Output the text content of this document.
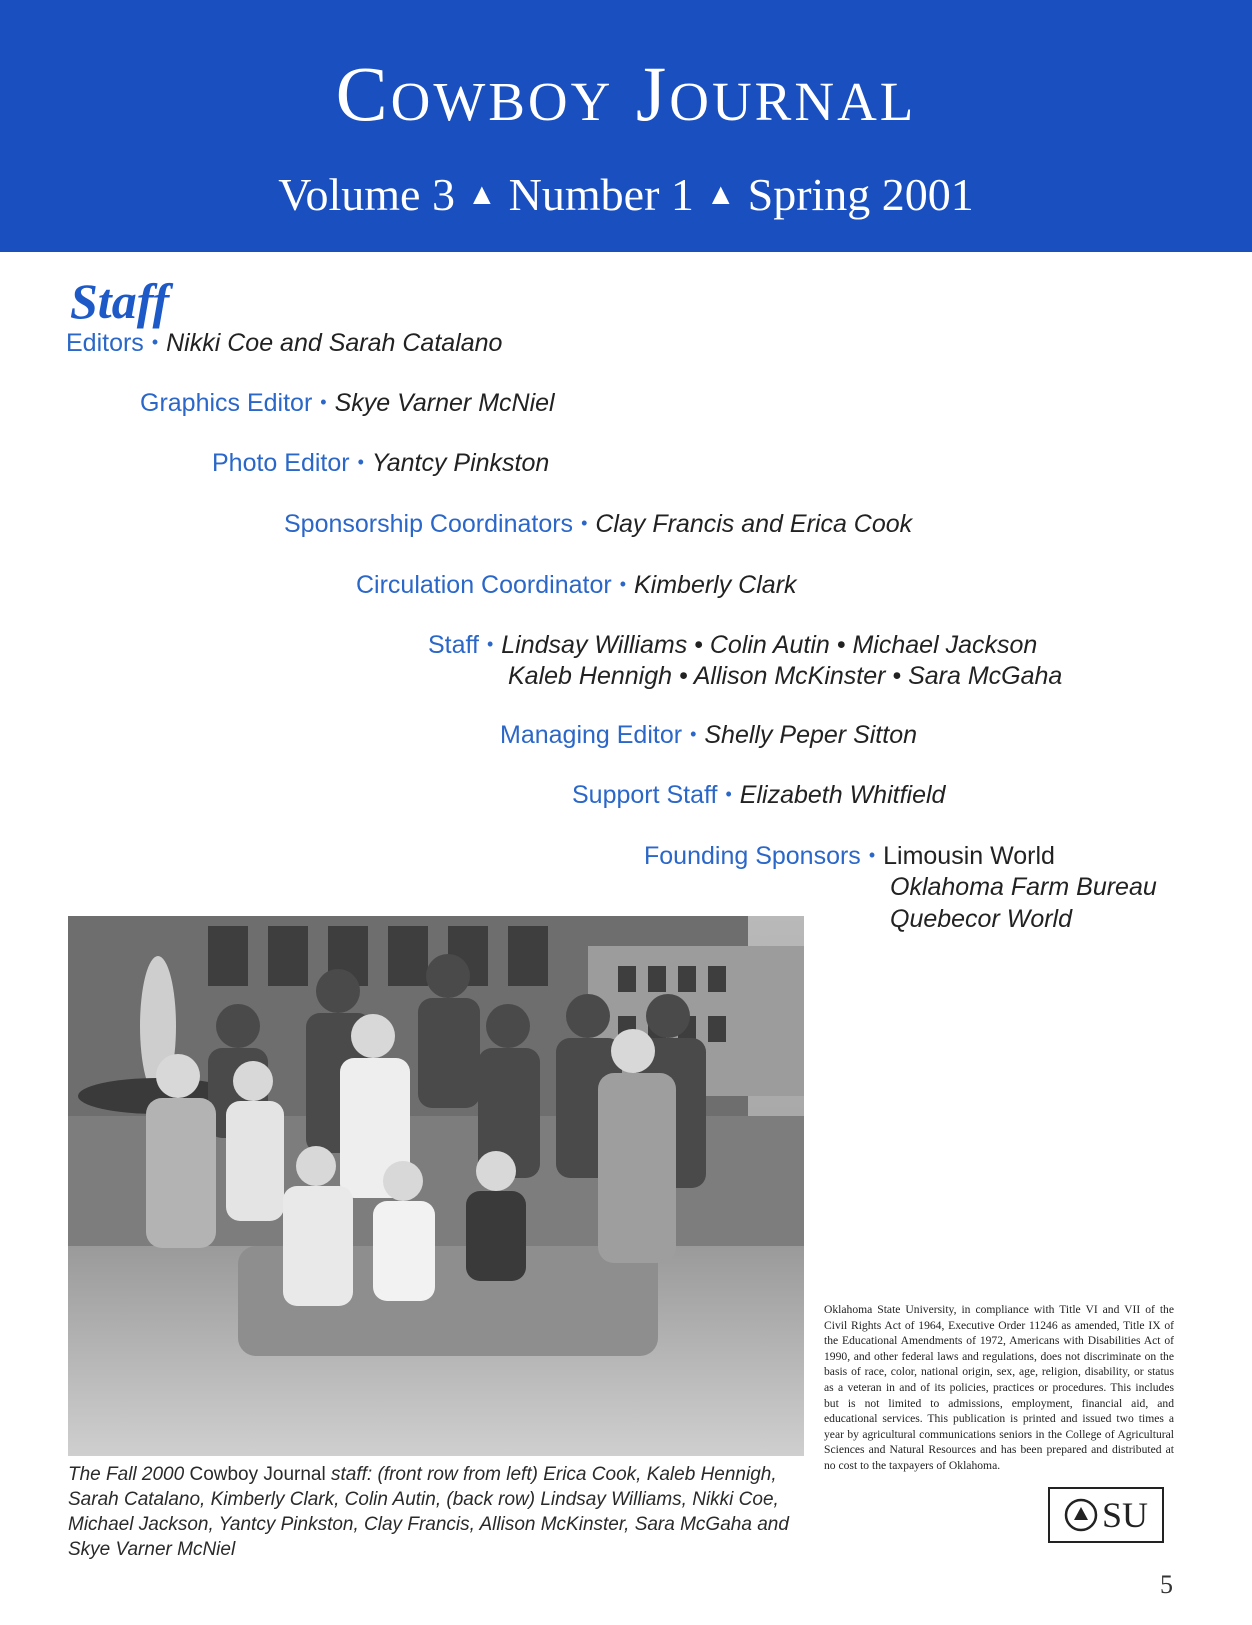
Cowboy Journal
Volume 3 ▲ Number 1 ▲ Spring 2001
Staff
Editors • Nikki Coe and Sarah Catalano
Graphics Editor • Skye Varner McNiel
Photo Editor • Yantcy Pinkston
Sponsorship Coordinators • Clay Francis and Erica Cook
Circulation Coordinator • Kimberly Clark
Staff • Lindsay Williams • Colin Autin • Michael Jackson
Kaleb Hennigh • Allison McKinster • Sara McGaha
Managing Editor • Shelly Peper Sitton
Support Staff • Elizabeth Whitfield
Founding Sponsors • Limousin World
Oklahoma Farm Bureau
Quebecor World
The Fall 2000 Cowboy Journal staff: (front row from left) Erica Cook, Kaleb Hennigh, Sarah Catalano, Kimberly Clark, Colin Autin, (back row) Lindsay Williams, Nikki Coe, Michael Jackson, Yantcy Pinkston, Clay Francis, Allison McKinster, Sara McGaha and Skye Varner McNiel
Oklahoma State University, in compliance with Title VI and VII of the Civil Rights Act of 1964, Executive Order 11246 as amended, Title IX of the Educational Amendments of 1972, Americans with Disabilities Act of 1990, and other federal laws and regulations, does not discriminate on the basis of race, color, national origin, sex, age, religion, disability, or status as a veteran in and of its policies, practices or procedures. This includes but is not limited to admissions, employment, financial aid, and educational services. This publication is printed and issued two times a year by agricultural communications seniors in the College of Agricultural Sciences and Natural Resources and has been prepared and distributed at no cost to the taxpayers of Oklahoma.
SU
5
